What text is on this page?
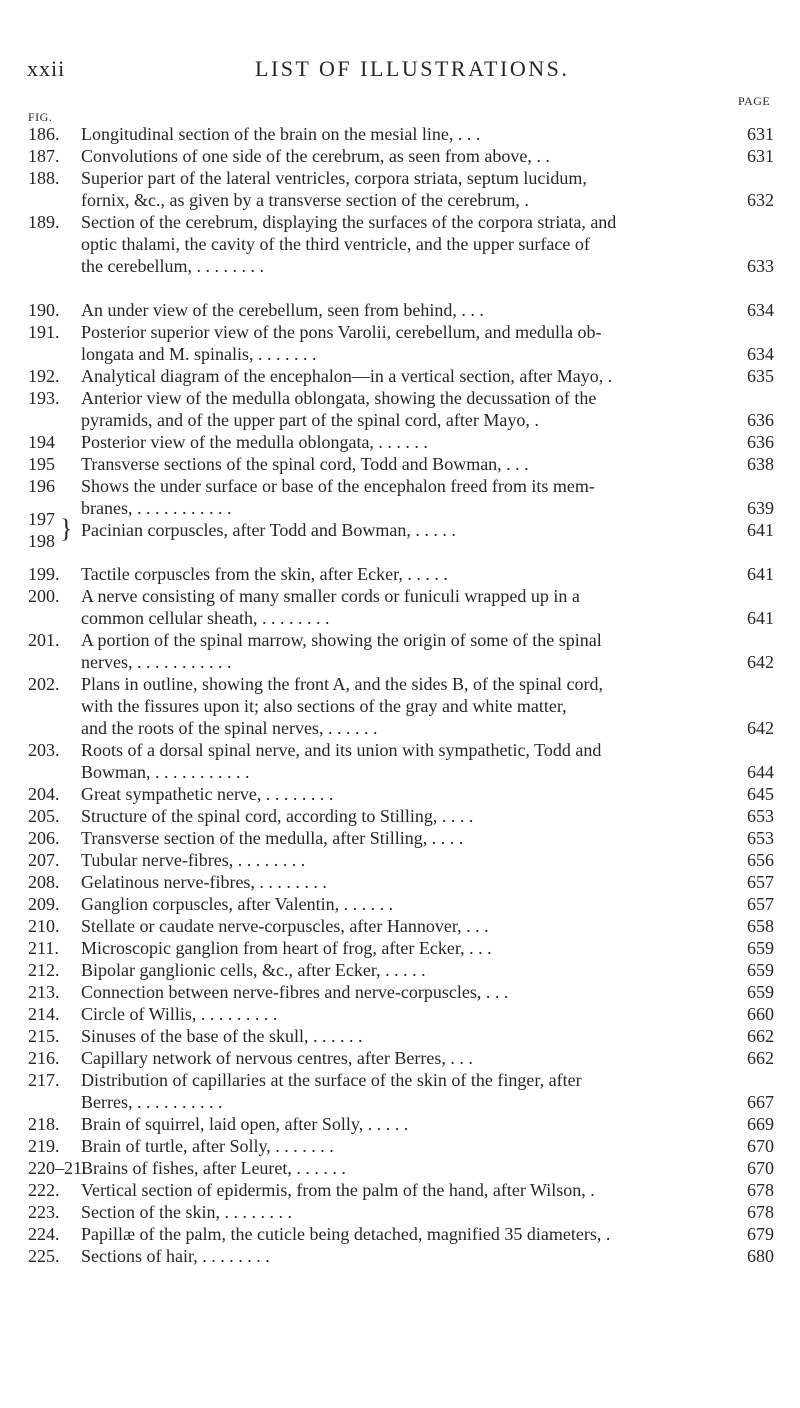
xxii	LIST OF ILLUSTRATIONS.
FIG.
PAGE
186. Longitudinal section of the brain on the mesial line, . . .	631
187. Convolutions of one side of the cerebrum, as seen from above, . .	631
188. Superior part of the lateral ventricles, corpora striata, septum lucidum,
fornix, &c., as given by a transverse section of the cerebrum, .	632
189. Section of the cerebrum, displaying the surfaces of the corpora striata, and
optic thalami, the cavity of the third ventricle, and the upper surface of
the cerebellum, . . . . . . . .	633
190. An under view of the cerebellum, seen from behind, . . .	634
191. Posterior superior view of the pons Varolii, cerebellum, and medulla ob-
longata and M. spinalis, . . . . . . .	634
192. Analytical diagram of the encephalon—in a vertical section, after Mayo, .	635
193. Anterior view of the medulla oblongata, showing the decussation of the
pyramids, and of the upper part of the spinal cord, after Mayo, .	636
194 Posterior view of the medulla oblongata, . . . . . .	636
195 Transverse sections of the spinal cord, Todd and Bowman, . . .	638
196 Shows the under surface or base of the encephalon freed from its mem-
branes, . . . . . . . . . . .	639
197
198 } Pacinian corpuscles, after Todd and Bowman, . . . . .	641
199. Tactile corpuscles from the skin, after Ecker, . . . . .	641
200. A nerve consisting of many smaller cords or funiculi wrapped up in a
common cellular sheath, . . . . . . . .	641
201. A portion of the spinal marrow, showing the origin of some of the spinal
nerves, . . . . . . . . . . .	642
202. Plans in outline, showing the front A, and the sides B, of the spinal cord,
with the fissures upon it; also sections of the gray and white matter,
and the roots of the spinal nerves, . . . . . .	642
203. Roots of a dorsal spinal nerve, and its union with sympathetic, Todd and
Bowman, . . . . . . . . . . .	644
204. Great sympathetic nerve, . . . . . . . .	645
205. Structure of the spinal cord, according to Stilling, . . . .	653
206. Transverse section of the medulla, after Stilling, . . . .	653
207. Tubular nerve-fibres, . . . . . . . .	656
208. Gelatinous nerve-fibres, . . . . . . . .	657
209. Ganglion corpuscles, after Valentin, . . . . . .	657
210. Stellate or caudate nerve-corpuscles, after Hannover, . . .	658
211. Microscopic ganglion from heart of frog, after Ecker, . . .	659
212. Bipolar ganglionic cells, &c., after Ecker, . . . . .	659
213. Connection between nerve-fibres and nerve-corpuscles, . . .	659
214. Circle of Willis, . . . . . . . . .	660
215. Sinuses of the base of the skull, . . . . . .	662
216. Capillary network of nervous centres, after Berres, . . .	662
217. Distribution of capillaries at the surface of the skin of the finger, after
Berres, . . . . . . . . . .	667
218. Brain of squirrel, laid open, after Solly, . . . . .	669
219. Brain of turtle, after Solly, . . . . . . .	670
220–21.Brains of fishes, after Leuret, . . . . . .	670
222. Vertical section of epidermis, from the palm of the hand, after Wilson, .	678
223. Section of the skin, . . . . . . . .	678
224. Papillæ of the palm, the cuticle being detached, magnified 35 diameters, .	679
225. Sections of hair, . . . . . . . .	680
